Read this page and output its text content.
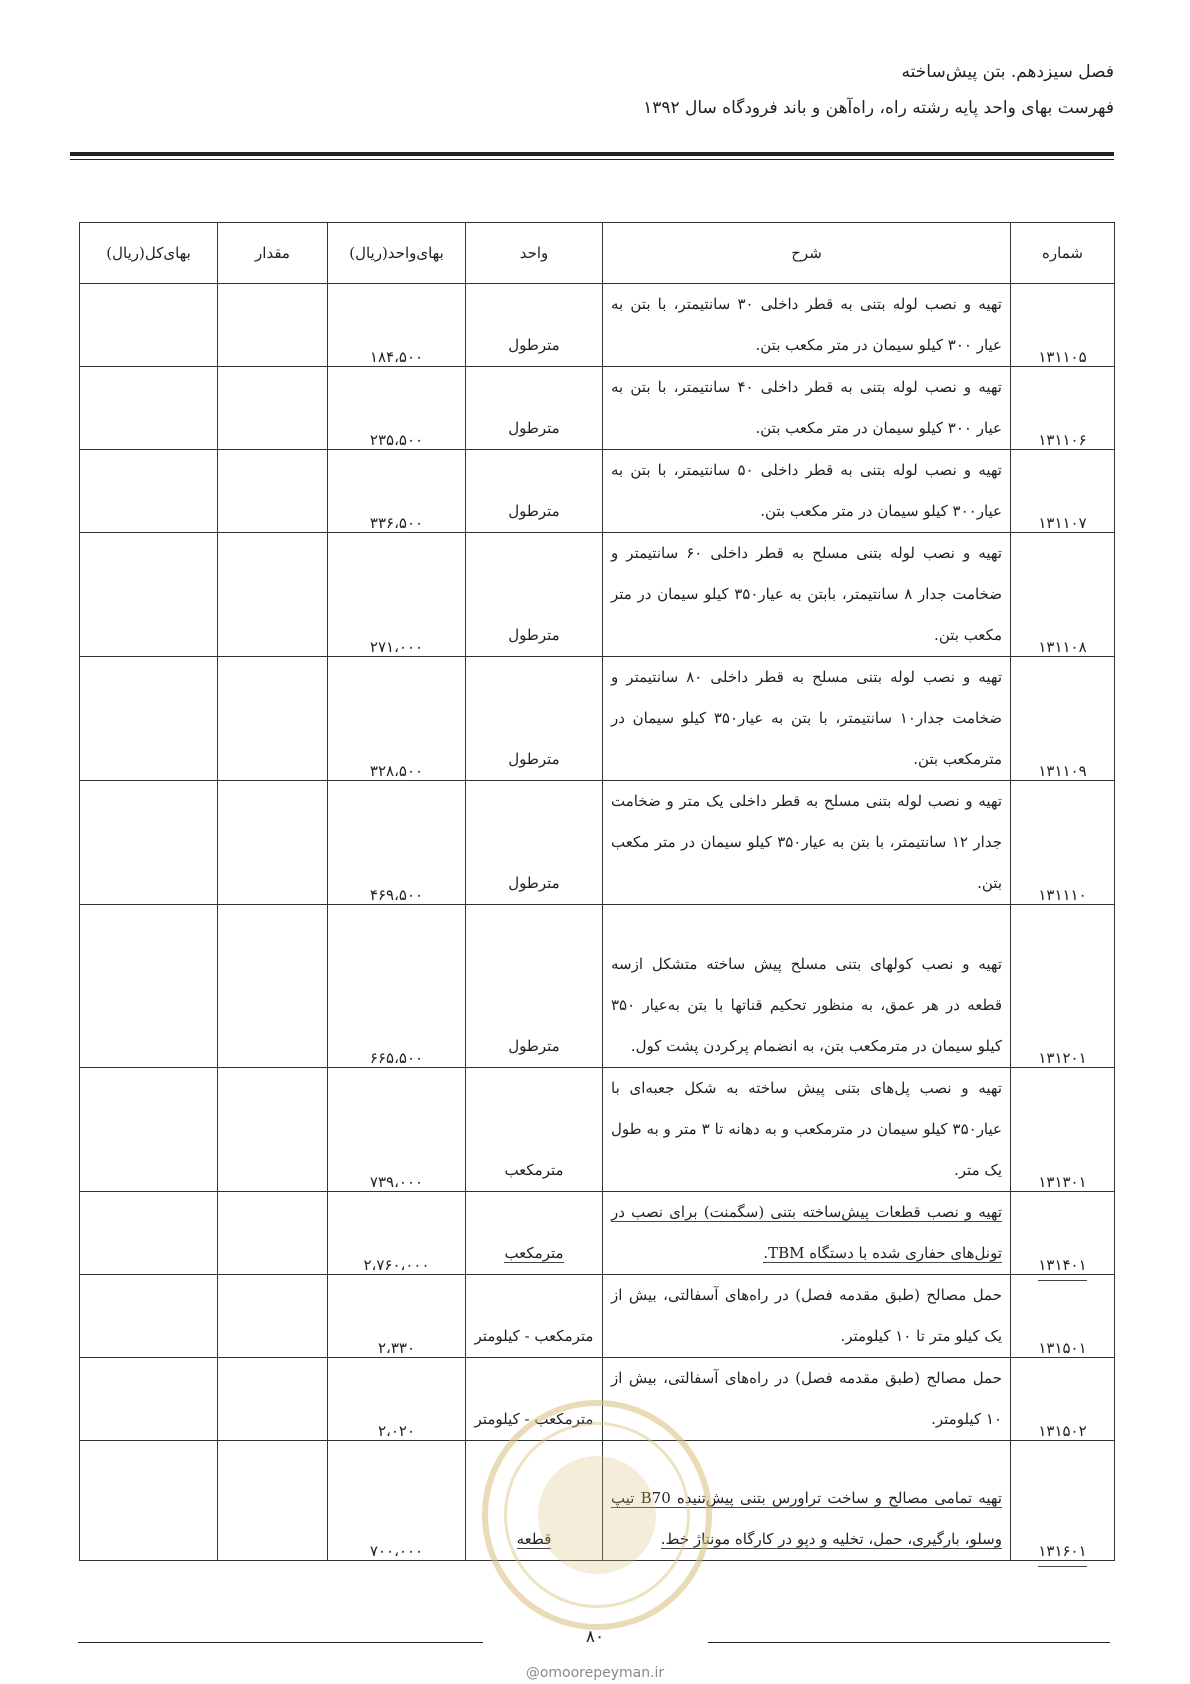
فصل سیزدهم. بتن پیش‌ساخته

فهرست بهای واحد پایه رشته راه، راه‌آهن و باند فرودگاه سال ۱۳۹۲

شماره	شرح	واحد	بهای‌واحد(ریال)	مقدار	بهای‌کل(ریال)
۱۳۱۱۰۵	تهیه و نصب لوله بتنی به قطر داخلی ۳۰ سانتیمتر، با بتن به عیار ۳۰۰ کیلو سیمان در متر مکعب بتن.	مترطول	۱۸۴،۵۰۰		
۱۳۱۱۰۶	تهیه و نصب لوله بتنی به قطر داخلی ۴۰ سانتیمتر، با بتن به عیار ۳۰۰ کیلو سیمان در متر مکعب بتن.	مترطول	۲۳۵،۵۰۰		
۱۳۱۱۰۷	تهیه و نصب لوله بتنی به قطر داخلی ۵۰ سانتیمتر، با بتن به عیار۳۰۰ کیلو سیمان در متر مکعب بتن.	مترطول	۳۳۶،۵۰۰		
۱۳۱۱۰۸	تهیه و نصب لوله بتنی مسلح به قطر داخلی ۶۰ سانتیمتر و ضخامت جدار ۸ سانتیمتر، بابتن به عیار۳۵۰ کیلو سیمان در متر مکعب بتن.	مترطول	۲۷۱،۰۰۰		
۱۳۱۱۰۹	تهیه و نصب لوله بتنی مسلح به قطر داخلی ۸۰ سانتیمتر و ضخامت جدار۱۰ سانتیمتر، با بتن به عیار۳۵۰ کیلو سیمان در مترمکعب بتن.	مترطول	۳۲۸،۵۰۰		
۱۳۱۱۱۰	تهیه و نصب لوله بتنی مسلح به قطر داخلی یک متر و ضخامت جدار ۱۲ سانتیمتر، با بتن به عیار۳۵۰ کیلو سیمان در متر مکعب بتن.	مترطول	۴۶۹،۵۰۰		
۱۳۱۲۰۱	تهیه و نصب کولهای بتنی مسلح پیش ساخته متشکل ازسه قطعه در هر عمق، به منظور تحکیم قناتها با بتن به‌عیار ۳۵۰ کیلو سیمان در مترمکعب بتن، به انضمام پرکردن پشت کول.	مترطول	۶۶۵،۵۰۰		
۱۳۱۳۰۱	تهیه و نصب پل‌های بتنی پیش ساخته به شکل جعبه‌ای با عیار۳۵۰ کیلو سیمان در مترمکعب و به دهانه تا ۳ متر و به طول یک متر.	مترمکعب	۷۳۹،۰۰۰		
۱۳۱۴۰۱	تهیه و نصب قطعات پیش‌ساخته بتنی (سگمنت) برای نصب در تونل‌های حفاری شده با دستگاه TBM.	مترمکعب	۲،۷۶۰،۰۰۰		
۱۳۱۵۰۱	حمل مصالح (طبق مقدمه فصل) در راه‌های آسفالتی، بیش از یک کیلو متر تا ۱۰ کیلومتر.	مترمکعب - کیلومتر	۲،۳۳۰		
۱۳۱۵۰۲	حمل مصالح (طبق مقدمه فصل) در راه‌های آسفالتی، بیش از ۱۰ کیلومتر.	مترمکعب - کیلومتر	۲،۰۲۰		
۱۳۱۶۰۱	تهیه تمامی مصالح و ساخت تراورس بتنی پیش‌تنیده B70 تیپ وسلو، بارگیری، حمل، تخلیه و دپو در کارگاه مونتاژ خط.	قطعه	۷۰۰،۰۰۰		
۸۰
@omoorepeyman.ir
